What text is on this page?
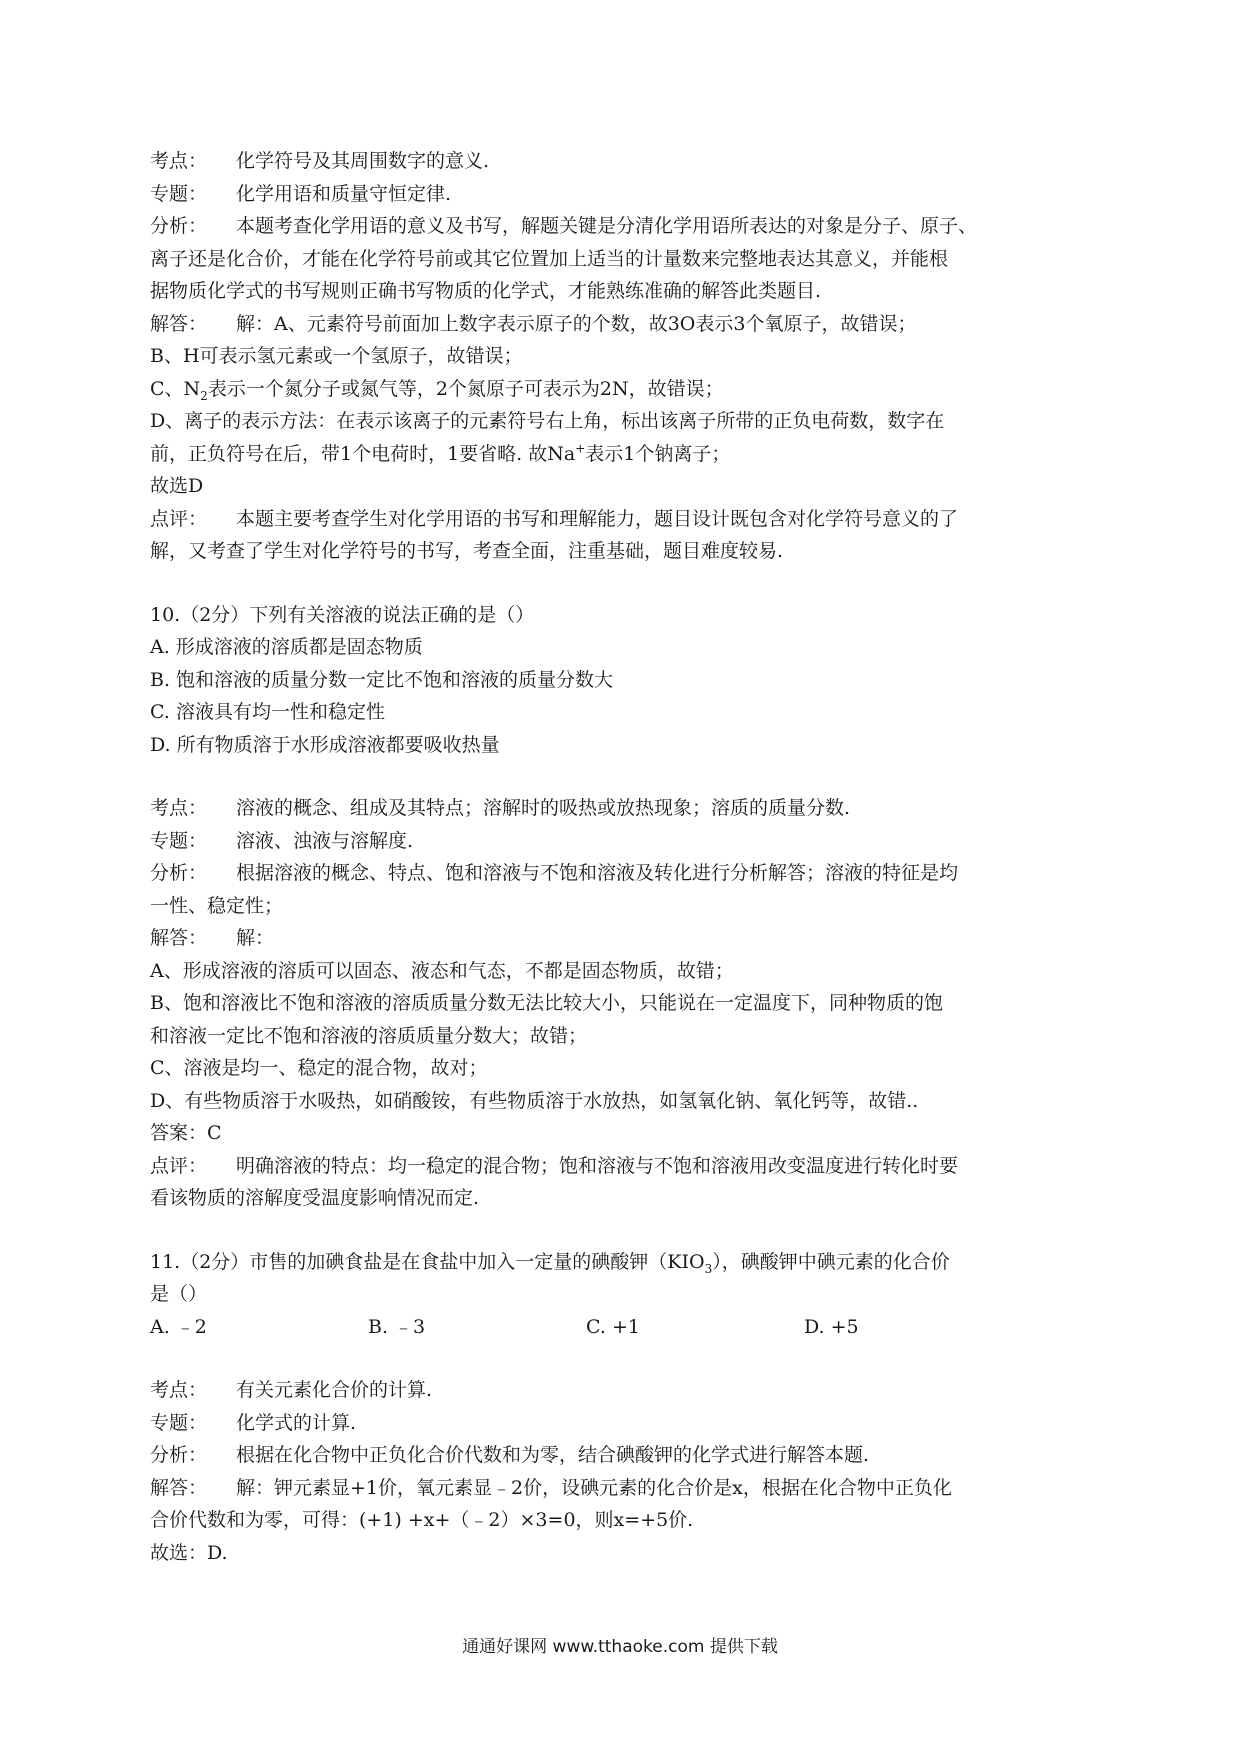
考点： 化学符号及其周围数字的意义.
专题： 化学用语和质量守恒定律.
分析： 本题考查化学用语的意义及书写，解题关键是分清化学用语所表达的对象是分子、原子、
离子还是化合价，才能在化学符号前或其它位置加上适当的计量数来完整地表达其意义，并能根
据物质化学式的书写规则正确书写物质的化学式，才能熟练准确的解答此类题目.
解答： 解：A、元素符号前面加上数字表示原子的个数，故3O表示3个氧原子，故错误；
B、H可表示氢元素或一个氢原子，故错误；
C、$N_2$表示一个氮分子或氮气等，2个氮原子可表示为2N，故错误；
D、离子的表示方法：在表示该离子的元素符号右上角，标出该离子所带的正负电荷数，数字在
前，正负符号在后，带1个电荷时，1要省略. 故Na+表示1个钠离子；
故选D
点评： 本题主要考查学生对化学用语的书写和理解能力，题目设计既包含对化学符号意义的了
解，又考查了学生对化学符号的书写，考查全面，注重基础，题目难度较易.
10.（2分）下列有关溶液的说法正确的是（）
A. 形成溶液的溶质都是固态物质
B. 饱和溶液的质量分数一定比不饱和溶液的质量分数大
C. 溶液具有均一性和稳定性
D. 所有物质溶于水形成溶液都要吸收热量
考点： 溶液的概念、组成及其特点；溶解时的吸热或放热现象；溶质的质量分数.
专题： 溶液、浊液与溶解度.
分析： 根据溶液的概念、特点、饱和溶液与不饱和溶液及转化进行分析解答；溶液的特征是均
一性、稳定性；
解答： 解：
A、形成溶液的溶质可以固态、液态和气态，不都是固态物质，故错；
B、饱和溶液比不饱和溶液的溶质质量分数无法比较大小，只能说在一定温度下，同种物质的饱
和溶液一定比不饱和溶液的溶质质量分数大；故错；
C、溶液是均一、稳定的混合物，故对；
D、有些物质溶于水吸热，如硝酸铵，有些物质溶于水放热，如氢氧化钠、氧化钙等，故错..
答案：C
点评： 明确溶液的特点：均一稳定的混合物；饱和溶液与不饱和溶液用改变温度进行转化时要
看该物质的溶解度受温度影响情况而定.
11.（2分）市售的加碘食盐是在食盐中加入一定量的碘酸钾$(KIO_3)$，碘酸钾中碘元素的化合价
是（）
A. ﹣2	B. ﹣3	C. +1	D. +5
考点： 有关元素化合价的计算.
专题： 化学式的计算.
分析： 根据在化合物中正负化合价代数和为零，结合碘酸钾的化学式进行解答本题.
解答： 解：钾元素显+1价，氧元素显﹣2价，设碘元素的化合价是x，根据在化合物中正负化
合价代数和为零，可得：(+1) +x+（﹣2）×3=0，则x=+5价.
故选：D.
通通好课网 www.tthaoke.com 提供下载
